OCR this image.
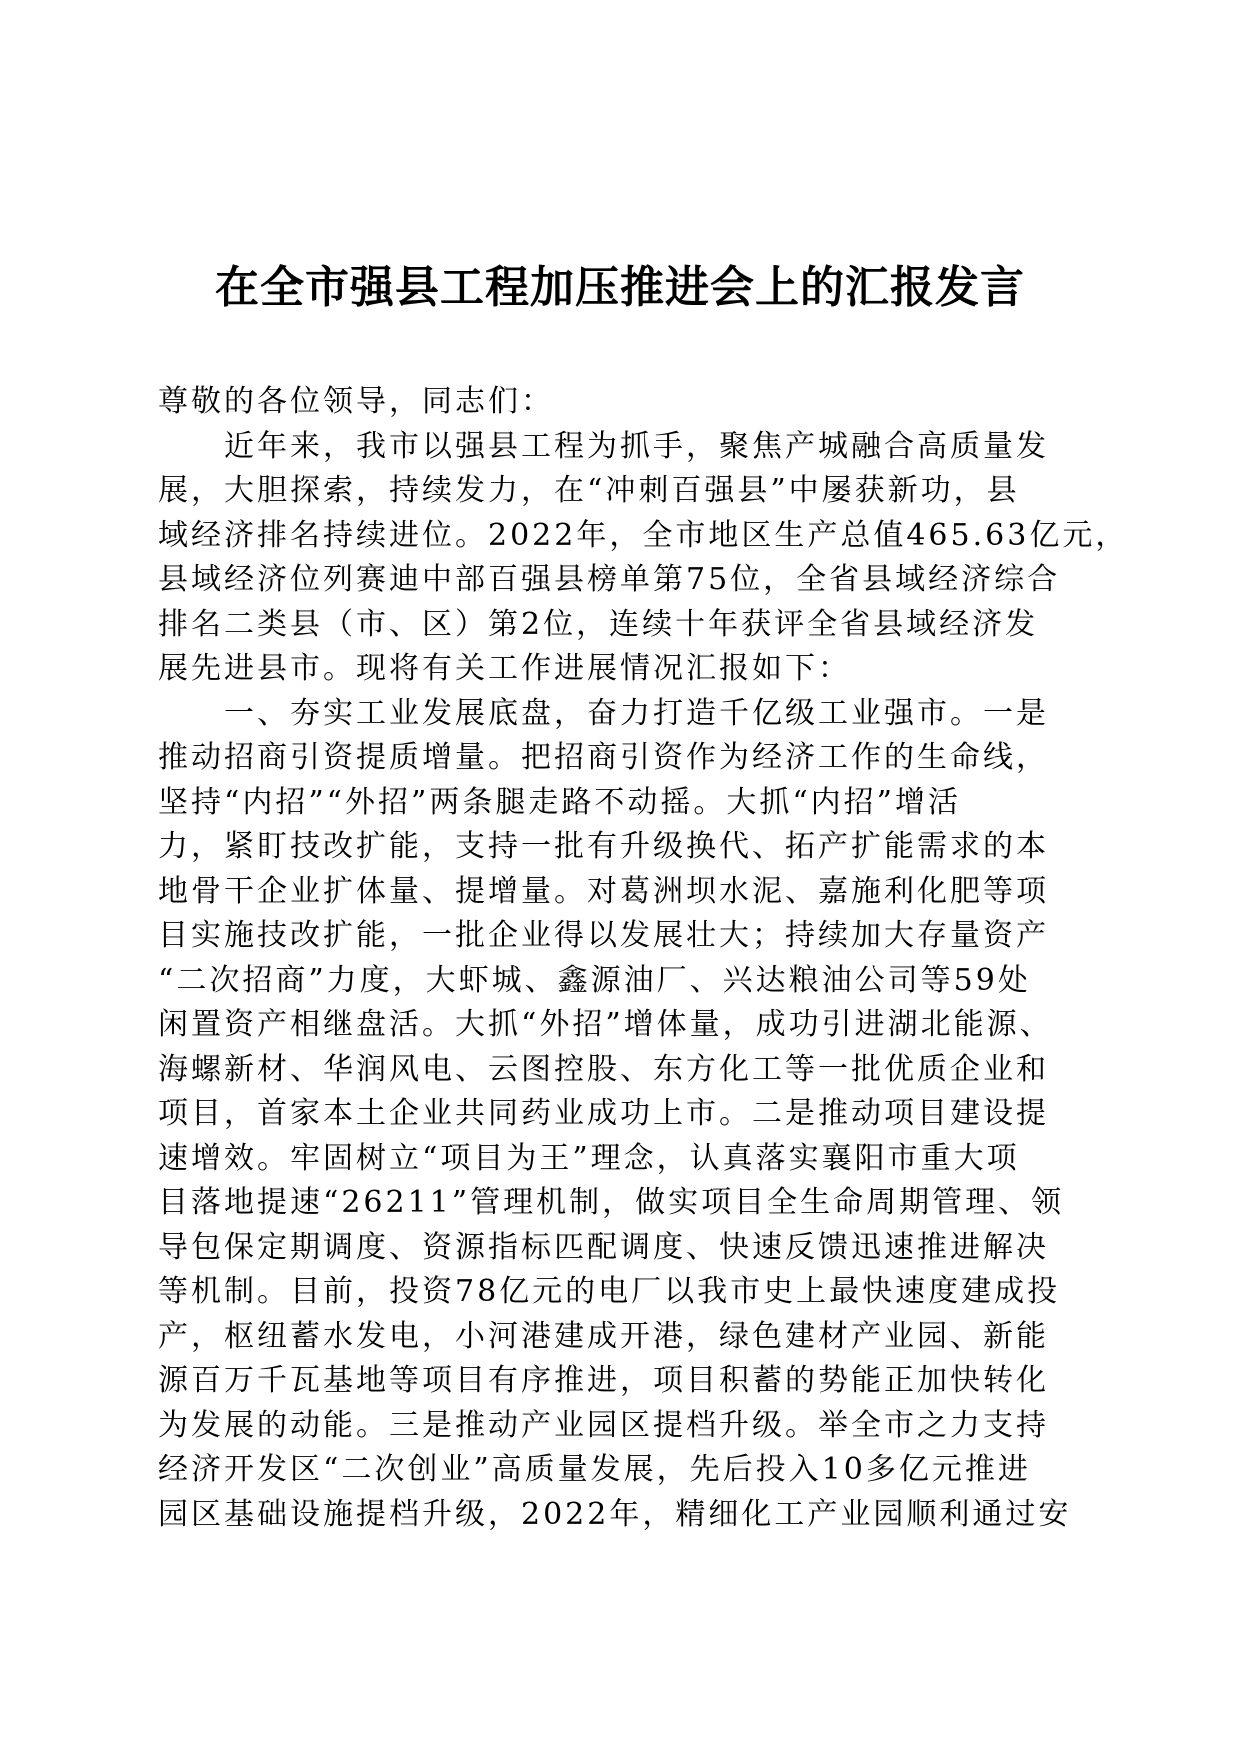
在全市强县工程加压推进会上的汇报发言
尊敬的各位领导，同志们：
　　近年来，我市以强县工程为抓手，聚焦产城融合高质量发
展，大胆探索，持续发力，在“冲刺百强县”中屡获新功，县
域经济排名持续进位。2022年，全市地区生产总值465.63亿元，
县域经济位列赛迪中部百强县榜单第75位，全省县域经济综合
排名二类县（市、区）第2位，连续十年获评全省县域经济发
展先进县市。现将有关工作进展情况汇报如下：
　　一、夯实工业发展底盘，奋力打造千亿级工业强市。一是
推动招商引资提质增量。把招商引资作为经济工作的生命线，
坚持“内招”“外招”两条腿走路不动摇。大抓“内招”增活
力，紧盯技改扩能，支持一批有升级换代、拓产扩能需求的本
地骨干企业扩体量、提增量。对葛洲坝水泥、嘉施利化肥等项
目实施技改扩能，一批企业得以发展壮大；持续加大存量资产
“二次招商”力度，大虾城、鑫源油厂、兴达粮油公司等59处
闲置资产相继盘活。大抓“外招”增体量，成功引进湖北能源、
海螺新材、华润风电、云图控股、东方化工等一批优质企业和
项目，首家本土企业共同药业成功上市。二是推动项目建设提
速增效。牢固树立“项目为王”理念，认真落实襄阳市重大项
目落地提速“26211”管理机制，做实项目全生命周期管理、领
导包保定期调度、资源指标匹配调度、快速反馈迅速推进解决
等机制。目前，投资78亿元的电厂以我市史上最快速度建成投
产，枢纽蓄水发电，小河港建成开港，绿色建材产业园、新能
源百万千瓦基地等项目有序推进，项目积蓄的势能正加快转化
为发展的动能。三是推动产业园区提档升级。举全市之力支持
经济开发区“二次创业”高质量发展，先后投入10多亿元推进
园区基础设施提档升级，2022年，精细化工产业园顺利通过安
